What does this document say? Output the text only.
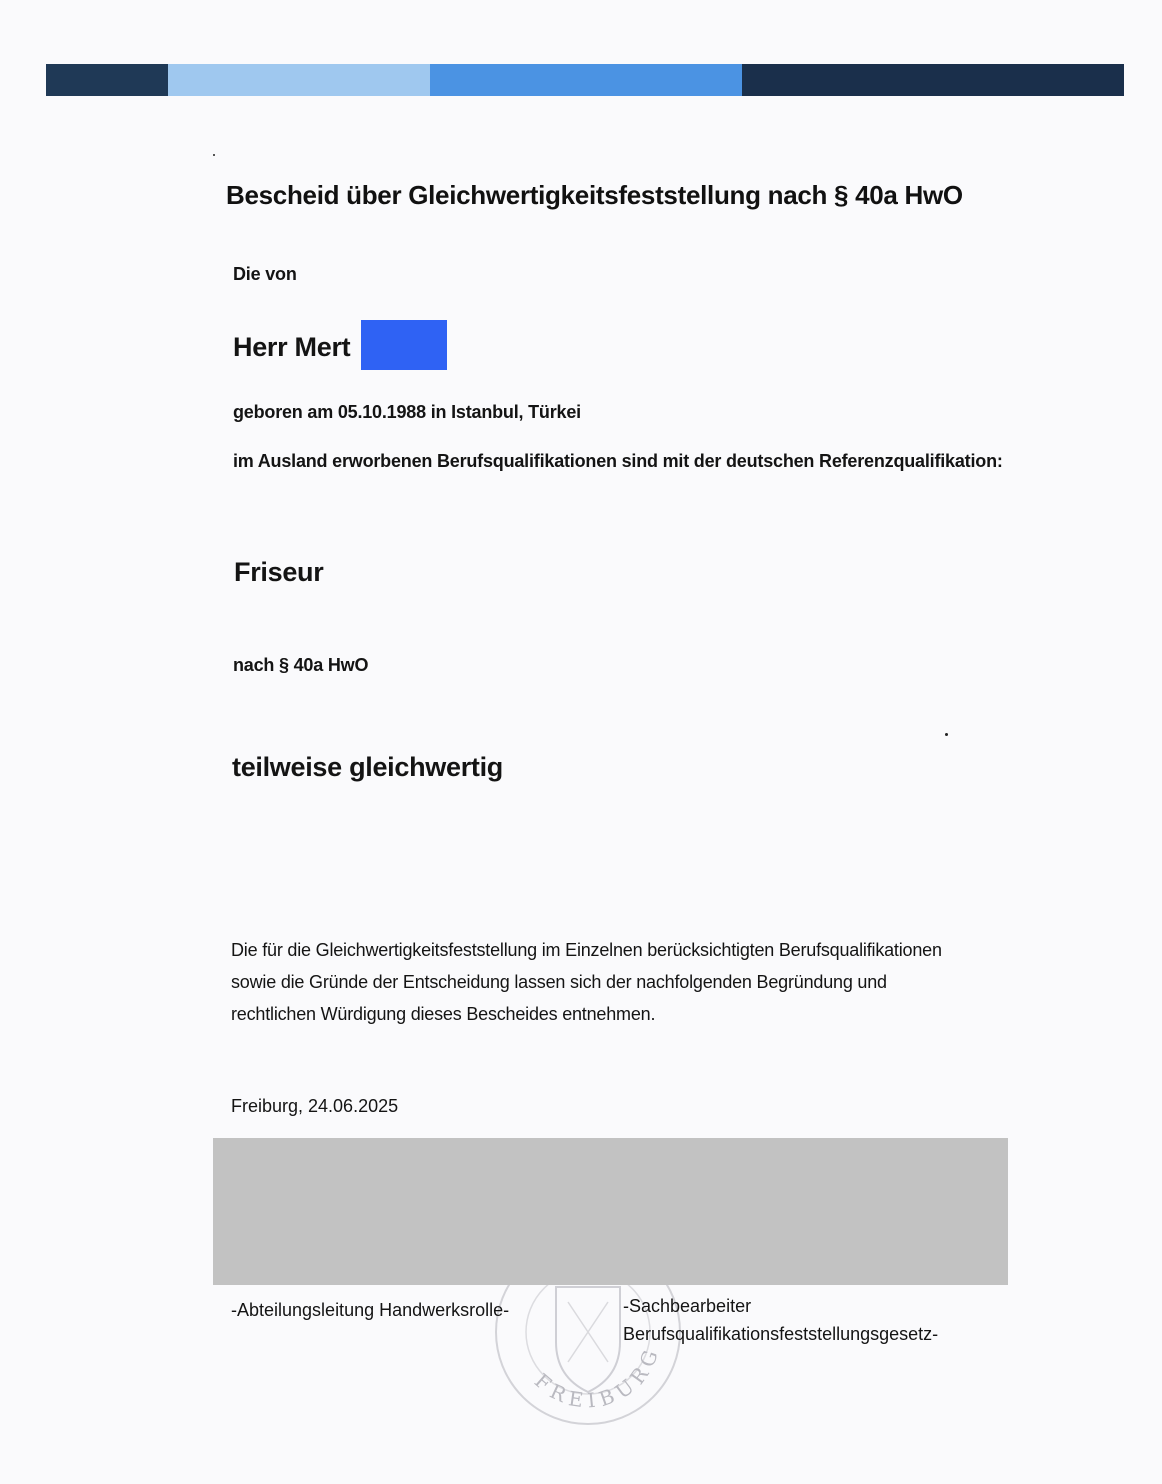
Bescheid über Gleichwertigkeitsfeststellung nach § 40a HwO
Die von
Herr Mert
geboren am 05.10.1988 in Istanbul, Türkei
im Ausland erworbenen Berufsqualifikationen sind mit der deutschen Referenzqualifikation:
Friseur
nach § 40a HwO
teilweise gleichwertig
Die für die Gleichwertigkeitsfeststellung im Einzelnen berücksichtigten Berufsqualifikationen
sowie die Gründe der Entscheidung lassen sich der nachfolgenden Begründung und
rechtlichen Würdigung dieses Bescheides entnehmen.
Freiburg, 24.06.2025
FREIBURG
-Abteilungsleitung Handwerksrolle-	-Sachbearbeiter
Berufsqualifikationsfeststellungsgesetz-
